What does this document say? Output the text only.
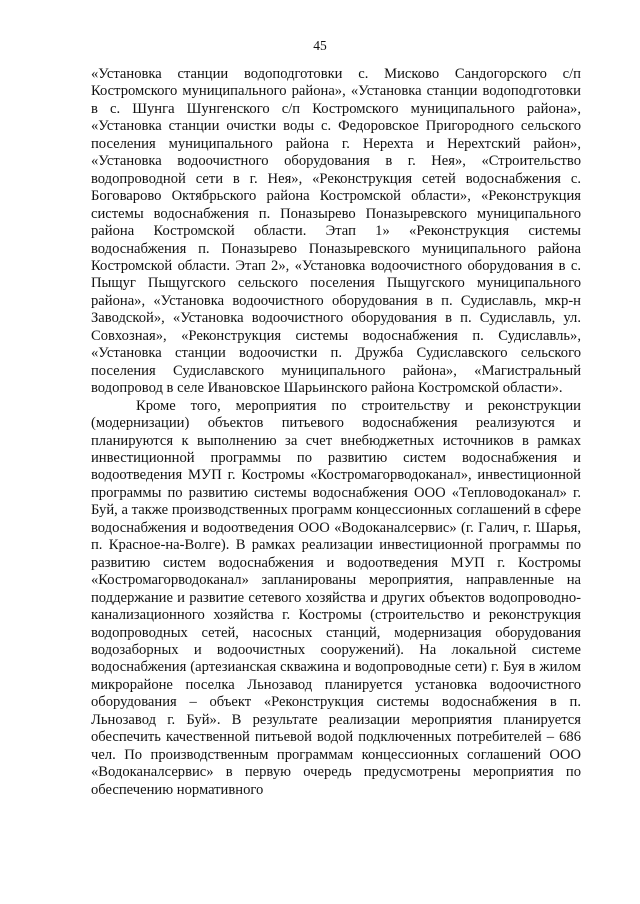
45

«Установка станции водоподготовки с. Мисково Сандогорского с/п Костромского муниципального района», «Установка станции водоподготовки в с. Шунга Шунгенского с/п Костромского муниципального района», «Установка станции очистки воды с. Федоровское Пригородного сельского поселения муниципального района г. Нерехта и Нерехтский район», «Установка водоочистного оборудования в г. Нея», «Строительство водопроводной сети в г. Нея», «Реконструкция сетей водоснабжения с. Боговарово Октябрьского района Костромской области», «Реконструкция системы водоснабжения п. Поназырево Поназыревского муниципального района Костромской области. Этап 1» «Реконструкция системы водоснабжения п. Поназырево Поназыревского муниципального района Костромской области. Этап 2», «Установка водоочистного оборудования в с. Пыщуг Пыщугского сельского поселения Пыщугского муниципального района», «Установка водоочистного оборудования в п. Судиславль, мкр-н Заводской», «Установка водоочистного оборудования в п. Судиславль, ул. Совхозная», «Реконструкция системы водоснабжения п. Судиславль», «Установка станции водоочистки п. Дружба Судиславского сельского поселения Судиславского муниципального района», «Магистральный водопровод в селе Ивановское Шарьинского района Костромской области».

Кроме того, мероприятия по строительству и реконструкции (модернизации) объектов питьевого водоснабжения реализуются и планируются к выполнению за счет внебюджетных источников в рамках инвестиционной программы по развитию систем водоснабжения и водоотведения МУП г. Костромы «Костромагорводоканал», инвестиционной программы по развитию системы водоснабжения ООО «Тепловодоканал» г. Буй, а также производственных программ концессионных соглашений в сфере водоснабжения и водоотведения ООО «Водоканалсервис» (г. Галич, г. Шарья, п. Красное-на-Волге). В рамках реализации инвестиционной программы по развитию систем водоснабжения и водоотведения МУП г. Костромы «Костромагорводоканал» запланированы мероприятия, направленные на поддержание и развитие сетевого хозяйства и других объектов водопроводно-канализационного хозяйства г. Костромы (строительство и реконструкция водопроводных сетей, насосных станций, модернизация оборудования водозаборных и водоочистных сооружений). На локальной системе водоснабжения (артезианская скважина и водопроводные сети) г. Буя в жилом микрорайоне поселка Льнозавод планируется установка водоочистного оборудования – объект «Реконструкция системы водоснабжения в п. Льнозавод г. Буй». В результате реализации мероприятия планируется обеспечить качественной питьевой водой подключенных потребителей – 686 чел. По производственным программам концессионных соглашений ООО «Водоканалсервис» в первую очередь предусмотрены мероприятия по обеспечению нормативного
